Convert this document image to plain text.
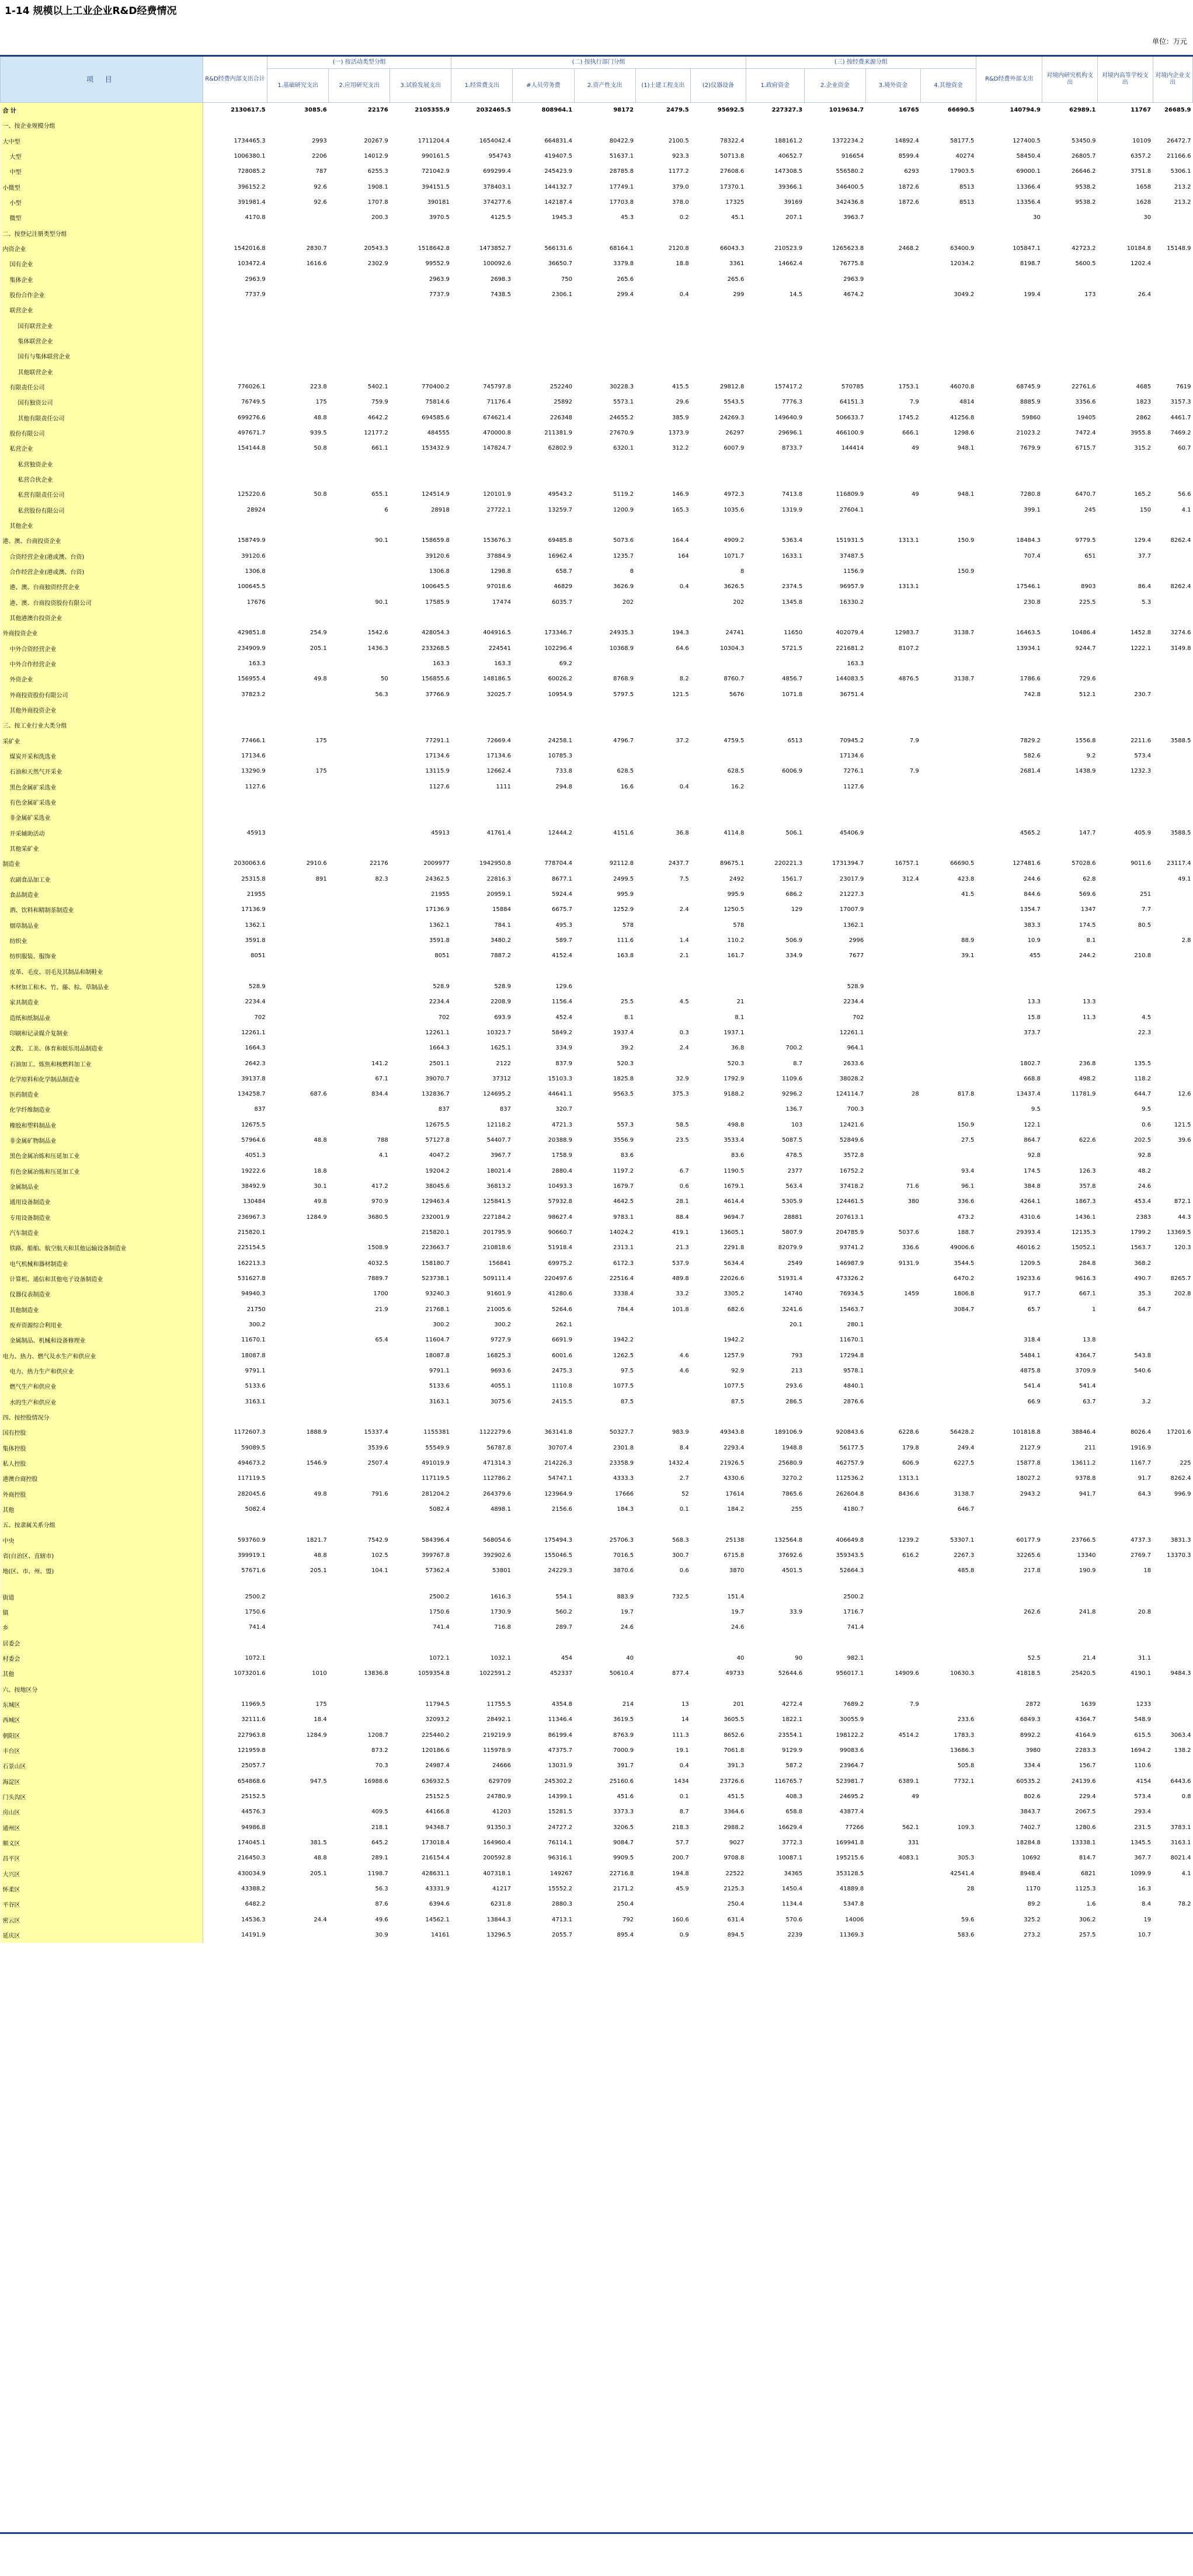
1-14 规模以上工业企业R&D经费情况
单位：万元
项 目	R&D经费内部支出合计	(一) 按活动类型分组			(二) 按执行部门分组					(三) 按经费来源分组				R&D经费外部支出	对境内研究机构支出	对境内高等学校支出	对境内企业支出
		1.基础研究支出	2.应用研究支出	3.试验发展支出	1.经常费支出	#人员劳务费	2.资产性支出	(1)土建工程支出	(2)仪器设备	1.政府资金	2.企业资金	3.境外资金	4.其他资金				

合 计	2130617.5	3085.6	22176	2105355.9	2032465.5	808964.1	98172	2479.5	95692.5	227327.3	1019634.7	16765	66690.5	140794.9	62989.1	11767	26685.9
一、按企业规模分组																	
大中型	1734465.3	2993	20267.9	1711204.4	1654042.4	664831.4	80422.9	2100.5	78322.4	188161.2	1372234.2	14892.4	58177.5	127400.5	53450.9	10109	26472.7
大型	1006380.1	2206	14012.9	990161.5	954743	419407.5	51637.1	923.3	50713.8	40652.7	916654	8599.4	40274	58450.4	26805.7	6357.2	21166.6
中型	728085.2	787	6255.3	721042.9	699299.4	245423.9	28785.8	1177.2	27608.6	147308.5	556580.2	6293	17903.5	69000.1	26646.2	3751.8	5306.1
小微型	396152.2	92.6	1908.1	394151.5	378403.1	144132.7	17749.1	379.0	17370.1	39366.1	346400.5	1872.6	8513	13366.4	9538.2	1658	213.2
小型	391981.4	92.6	1707.8	390181	374277.6	142187.4	17703.8	378.0	17325	39169	342436.8	1872.6	8513	13356.4	9538.2	1628	213.2
微型	4170.8		200.3	3970.5	4125.5	1945.3	45.3	0.2	45.1	207.1	3963.7			30		30	
二、按登记注册类型分组																	
内资企业	1542016.8	2830.7	20543.3	1518642.8	1473852.7	566131.6	68164.1	2120.8	66043.3	210523.9	1265623.8	2468.2	63400.9	105847.1	42723.2	10184.8	15148.9
国有企业	103472.4	1616.6	2302.9	99552.9	100092.6	36650.7	3379.8	18.8	3361	14662.4	76775.8		12034.2	8198.7	5600.5	1202.4	
集体企业	2963.9			2963.9	2698.3	750	265.6		265.6		2963.9						
股份合作企业	7737.9			7737.9	7438.5	2306.1	299.4	0.4	299	14.5	4674.2		3049.2	199.4	173	26.4	
联营企业																	
国有联营企业																	
集体联营企业																	
国有与集体联营企业																	
其他联营企业																	
有限责任公司	776026.1	223.8	5402.1	770400.2	745797.8	252240	30228.3	415.5	29812.8	157417.2	570785	1753.1	46070.8	68745.9	22761.6	4685	7619
国有独资公司	76749.5	175	759.9	75814.6	71176.4	25892	5573.1	29.6	5543.5	7776.3	64151.3	7.9	4814	8885.9	3356.6	1823	3157.3
其他有限责任公司	699276.6	48.8	4642.2	694585.6	674621.4	226348	24655.2	385.9	24269.3	149640.9	506633.7	1745.2	41256.8	59860	19405	2862	4461.7
股份有限公司	497671.7	939.5	12177.2	484555	470000.8	211381.9	27670.9	1373.9	26297	29696.1	466100.9	666.1	1298.6	21023.2	7472.4	3955.8	7469.2
私营企业	154144.8	50.8	661.1	153432.9	147824.7	62802.9	6320.1	312.2	6007.9	8733.7	144414	49	948.1	7679.9	6715.7	315.2	60.7
私营独资企业																	
私营合伙企业																	
私营有限责任公司	125220.6	50.8	655.1	124514.9	120101.9	49543.2	5119.2	146.9	4972.3	7413.8	116809.9	49	948.1	7280.8	6470.7	165.2	56.6
私营股份有限公司	28924		6	28918	27722.1	13259.7	1200.9	165.3	1035.6	1319.9	27604.1			399.1	245	150	4.1
其他企业																	
港、澳、台商投资企业	158749.9		90.1	158659.8	153676.3	69485.8	5073.6	164.4	4909.2	5363.4	151931.5	1313.1	150.9	18484.3	9779.5	129.4	8262.4
合资经营企业(港或澳、台资)	39120.6			39120.6	37884.9	16962.4	1235.7	164	1071.7	1633.1	37487.5			707.4	651	37.7	
合作经营企业(港或澳、台资)	1306.8			1306.8	1298.8	658.7	8		8		1156.9		150.9				
港、澳、台商独资经营企业	100645.5			100645.5	97018.6	46829	3626.9	0.4	3626.5	2374.5	96957.9	1313.1		17546.1	8903	86.4	8262.4
港、澳、台商投资股份有限公司	17676		90.1	17585.9	17474	6035.7	202		202	1345.8	16330.2			230.8	225.5	5.3	
其他港澳台投资企业																	
外商投资企业	429851.8	254.9	1542.6	428054.3	404916.5	173346.7	24935.3	194.3	24741	11650	402079.4	12983.7	3138.7	16463.5	10486.4	1452.8	3274.6
中外合资经营企业	234909.9	205.1	1436.3	233268.5	224541	102296.4	10368.9	64.6	10304.3	5721.5	221681.2	8107.2		13934.1	9244.7	1222.1	3149.8
中外合作经营企业	163.3			163.3	163.3	69.2					163.3						
外资企业	156955.4	49.8	50	156855.6	148186.5	60026.2	8768.9	8.2	8760.7	4856.7	144083.5	4876.5	3138.7	1786.6	729.6		
外商投资股份有限公司	37823.2		56.3	37766.9	32025.7	10954.9	5797.5	121.5	5676	1071.8	36751.4			742.8	512.1	230.7	
其他外商投资企业																	
三、按工业行业大类分组																	
采矿业	77466.1	175		77291.1	72669.4	24258.1	4796.7	37.2	4759.5	6513	70945.2	7.9		7829.2	1556.8	2211.6	3588.5
煤炭开采和洗选业	17134.6			17134.6	17134.6	10785.3					17134.6			582.6	9.2	573.4	
石油和天然气开采业	13290.9	175		13115.9	12662.4	733.8	628.5		628.5	6006.9	7276.1	7.9		2681.4	1438.9	1232.3	
黑色金属矿采选业	1127.6			1127.6	1111	294.8	16.6	0.4	16.2		1127.6						
有色金属矿采选业																	
非金属矿采选业																	
开采辅助活动	45913			45913	41761.4	12444.2	4151.6	36.8	4114.8	506.1	45406.9			4565.2	147.7	405.9	3588.5
其他采矿业																	
制造业	2030063.6	2910.6	22176	2009977	1942950.8	778704.4	92112.8	2437.7	89675.1	220221.3	1731394.7	16757.1	66690.5	127481.6	57028.6	9011.6	23117.4
农副食品加工业	25315.8	891	82.3	24362.5	22816.3	8677.1	2499.5	7.5	2492	1561.7	23017.9	312.4	423.8	244.6	62.8		49.1
食品制造业	21955			21955	20959.1	5924.4	995.9		995.9	686.2	21227.3		41.5	844.6	569.6	251	
酒、饮料和精制茶制造业	17136.9			17136.9	15884	6675.7	1252.9	2.4	1250.5	129	17007.9			1354.7	1347	7.7	
烟草制品业	1362.1			1362.1	784.1	495.3	578		578		1362.1			383.3	174.5	80.5	
纺织业	3591.8			3591.8	3480.2	589.7	111.6	1.4	110.2	506.9	2996		88.9	10.9	8.1		2.8
纺织服装、服饰业	8051			8051	7887.2	4152.4	163.8	2.1	161.7	334.9	7677		39.1	455	244.2	210.8	
皮革、毛皮、羽毛及其制品和制鞋业																	
木材加工和木、竹、藤、棕、草制品业	528.9			528.9	528.9	129.6					528.9						
家具制造业	2234.4			2234.4	2208.9	1156.4	25.5	4.5	21		2234.4			13.3	13.3		
造纸和纸制品业	702			702	693.9	452.4	8.1		8.1		702			15.8	11.3	4.5	
印刷和记录媒介复制业	12261.1			12261.1	10323.7	5849.2	1937.4	0.3	1937.1		12261.1			373.7		22.3	
文教、工美、体育和娱乐用品制造业	1664.3			1664.3	1625.1	334.9	39.2	2.4	36.8	700.2	964.1						
石油加工、炼焦和核燃料加工业	2642.3		141.2	2501.1	2122	837.9	520.3		520.3	8.7	2633.6			1802.7	236.8	135.5	
化学原料和化学制品制造业	39137.8		67.1	39070.7	37312	15103.3	1825.8	32.9	1792.9	1109.6	38028.2			668.8	498.2	118.2	
医药制造业	134258.7	687.6	834.4	132836.7	124695.2	44641.1	9563.5	375.3	9188.2	9296.2	124114.7	28	817.8	13437.4	11781.9	644.7	12.6
化学纤维制造业	837			837	837	320.7				136.7	700.3			9.5		9.5	
橡胶和塑料制品业	12675.5			12675.5	12118.2	4721.3	557.3	58.5	498.8	103	12421.6		150.9	122.1		0.6	121.5
非金属矿物制品业	57964.6	48.8	788	57127.8	54407.7	20388.9	3556.9	23.5	3533.4	5087.5	52849.6		27.5	864.7	622.6	202.5	39.6
黑色金属冶炼和压延加工业	4051.3		4.1	4047.2	3967.7	1758.9	83.6		83.6	478.5	3572.8			92.8		92.8	
有色金属冶炼和压延加工业	19222.6	18.8		19204.2	18021.4	2880.4	1197.2	6.7	1190.5	2377	16752.2		93.4	174.5	126.3	48.2	
金属制品业	38492.9	30.1	417.2	38045.6	36813.2	10493.3	1679.7	0.6	1679.1	563.4	37418.2	71.6	96.1	384.8	357.8	24.6	
通用设备制造业	130484	49.8	970.9	129463.4	125841.5	57932.8	4642.5	28.1	4614.4	5305.9	124461.5	380	336.6	4264.1	1867.3	453.4	872.1
专用设备制造业	236967.3	1284.9	3680.5	232001.9	227184.2	98627.4	9783.1	88.4	9694.7	28881	207613.1		473.2	4310.6	1436.1	2383	44.3
汽车制造业	215820.1			215820.1	201795.9	90660.7	14024.2	419.1	13605.1	5807.9	204785.9	5037.6	188.7	29393.4	12135.3	1799.2	13369.5
铁路、船舶、航空航天和其他运输设备制造业	225154.5		1508.9	223663.7	210818.6	51918.4	2313.1	21.3	2291.8	82079.9	93741.2	336.6	49006.6	46016.2	15052.1	1563.7	120.3
电气机械和器材制造业	162213.3		4032.5	158180.7	156841	69975.2	6172.3	537.9	5634.4	2549	146987.9	9131.9	3544.5	1209.5	284.8	368.2	
计算机、通信和其他电子设备制造业	531627.8		7889.7	523738.1	509111.4	220497.6	22516.4	489.8	22026.6	51931.4	473326.2		6470.2	19233.6	9616.3	490.7	8265.7
仪器仪表制造业	94940.3		1700	93240.3	91601.9	41280.6	3338.4	33.2	3305.2	14740	76934.5	1459	1806.8	917.7	667.1	35.3	202.8
其他制造业	21750		21.9	21768.1	21005.6	5264.6	784.4	101.8	682.6	3241.6	15463.7		3084.7	65.7	1	64.7	
废弃资源综合利用业	300.2			300.2	300.2	262.1				20.1	280.1						
金属制品、机械和设备修理业	11670.1		65.4	11604.7	9727.9	6691.9	1942.2		1942.2		11670.1			318.4	13.8		
电力、热力、燃气及水生产和供应业	18087.8			18087.8	16825.3	6001.6	1262.5	4.6	1257.9	793	17294.8			5484.1	4364.7	543.8	
电力、热力生产和供应业	9791.1			9791.1	9693.6	2475.3	97.5	4.6	92.9	213	9578.1			4875.8	3709.9	540.6	
燃气生产和供应业	5133.6			5133.6	4055.1	1110.8	1077.5		1077.5	293.6	4840.1			541.4	541.4		
水的生产和供应业	3163.1			3163.1	3075.6	2415.5	87.5		87.5	286.5	2876.6			66.9	63.7	3.2	
四、按控股情况分																	
国有控股	1172607.3	1888.9	15337.4	1155381	1122279.6	363141.8	50327.7	983.9	49343.8	189106.9	920843.6	6228.6	56428.2	101818.8	38846.4	8026.4	17201.6
集体控股	59089.5		3539.6	55549.9	56787.8	30707.4	2301.8	8.4	2293.4	1948.8	56177.5	179.8	249.4	2127.9	211	1916.9	
私人控股	494673.2	1546.9	2507.4	491019.9	471314.3	214226.3	23358.9	1432.4	21926.5	25680.9	462757.9	606.9	6227.5	15877.8	13611.2	1167.7	225
港澳台商控股	117119.5			117119.5	112786.2	54747.1	4333.3	2.7	4330.6	3270.2	112536.2	1313.1		18027.2	9378.8	91.7	8262.4
外商控股	282045.6	49.8	791.6	281204.2	264379.6	123964.9	17666	52	17614	7865.6	262604.8	8436.6	3138.7	2943.2	941.7	64.3	996.9
其他	5082.4			5082.4	4898.1	2156.6	184.3	0.1	184.2	255	4180.7		646.7				
五、按隶属关系分组																	
中央	593760.9	1821.7	7542.9	584396.4	568054.6	175494.3	25706.3	568.3	25138	132564.8	406649.8	1239.2	53307.1	60177.9	23766.5	4737.3	3831.3
省(自治区、直辖市)	399919.1	48.8	102.5	399767.8	392902.6	155046.5	7016.5	300.7	6715.8	37692.6	359343.5	616.2	2267.3	32265.6	13340	2769.7	13370.3
地(区、市、州、盟)	57671.6	205.1	104.1	57362.4	53801	24229.3	3870.6	0.6	3870	4501.5	52664.3		485.8	217.8	190.9	18	

街道	2500.2			2500.2	1616.3	554.1	883.9	732.5	151.4		2500.2						
镇	1750.6			1750.6	1730.9	560.2	19.7		19.7	33.9	1716.7			262.6	241.8	20.8	
乡	741.4			741.4	716.8	289.7	24.6		24.6		741.4						
居委会																	
村委会	1072.1			1072.1	1032.1	454	40		40	90	982.1			52.5	21.4	31.1	
其他	1073201.6	1010	13836.8	1059354.8	1022591.2	452337	50610.4	877.4	49733	52644.6	956017.1	14909.6	10630.3	41818.5	25420.5	4190.1	9484.3
六、按地区分																	
东城区	11969.5	175		11794.5	11755.5	4354.8	214	13	201	4272.4	7689.2	7.9		2872	1639	1233	
西城区	32111.6	18.4		32093.2	28492.1	11346.4	3619.5	14	3605.5	1822.1	30055.9		233.6	6849.3	4364.7	548.9	
朝阳区	227963.8	1284.9	1208.7	225440.2	219219.9	86199.4	8763.9	111.3	8652.6	23554.1	198122.2	4514.2	1783.3	8992.2	4164.9	615.5	3063.4
丰台区	121959.8		873.2	120186.6	115978.9	47375.7	7000.9	19.1	7061.8	9129.9	99083.6		13686.3	3980	2283.3	1694.2	138.2
石景山区	25057.7		70.3	24987.4	24666	13031.9	391.7	0.4	391.3	587.2	23964.7		505.8	334.4	156.7	110.6	
海淀区	654868.6	947.5	16988.6	636932.5	629709	245302.2	25160.6	1434	23726.6	116765.7	523981.7	6389.1	7732.1	60535.2	24139.6	4154	6443.6
门头沟区	25152.5			25152.5	24780.9	14399.1	451.6	0.1	451.5	408.3	24695.2	49		802.6	229.4	573.4	0.8
房山区	44576.3		409.5	44166.8	41203	15281.5	3373.3	8.7	3364.6	658.8	43877.4			3843.7	2067.5	293.4	
通州区	94986.8		218.1	94348.7	91350.3	24727.2	3206.5	218.3	2988.2	16629.4	77266	562.1	109.3	7402.7	1280.6	231.5	3783.1
顺义区	174045.1	381.5	645.2	173018.4	164960.4	76114.1	9084.7	57.7	9027	3772.3	169941.8	331		18284.8	13338.1	1345.5	3163.1
昌平区	216450.3	48.8	289.1	216154.4	200592.8	96316.1	9909.5	200.7	9708.8	10087.1	195215.6	4083.1	305.3	10692	814.7	367.7	8021.4
大兴区	430034.9	205.1	1198.7	428631.1	407318.1	149267	22716.8	194.8	22522	34365	353128.5		42541.4	8948.4	6821	1099.9	4.1
怀柔区	43388.2		56.3	43331.9	41217	15552.2	2171.2	45.9	2125.3	1450.4	41889.8		28	1170	1125.3	16.3	
平谷区	6482.2		87.6	6394.6	6231.8	2880.3	250.4		250.4	1134.4	5347.8			89.2	1.6	8.4	78.2
密云区	14536.3	24.4	49.6	14562.1	13844.3	4713.1	792	160.6	631.4	570.6	14006		59.6	325.2	306.2	19	
延庆区	14191.9		30.9	14161	13296.5	2055.7	895.4	0.9	894.5	2239	11369.3		583.6	273.2	257.5	10.7	
